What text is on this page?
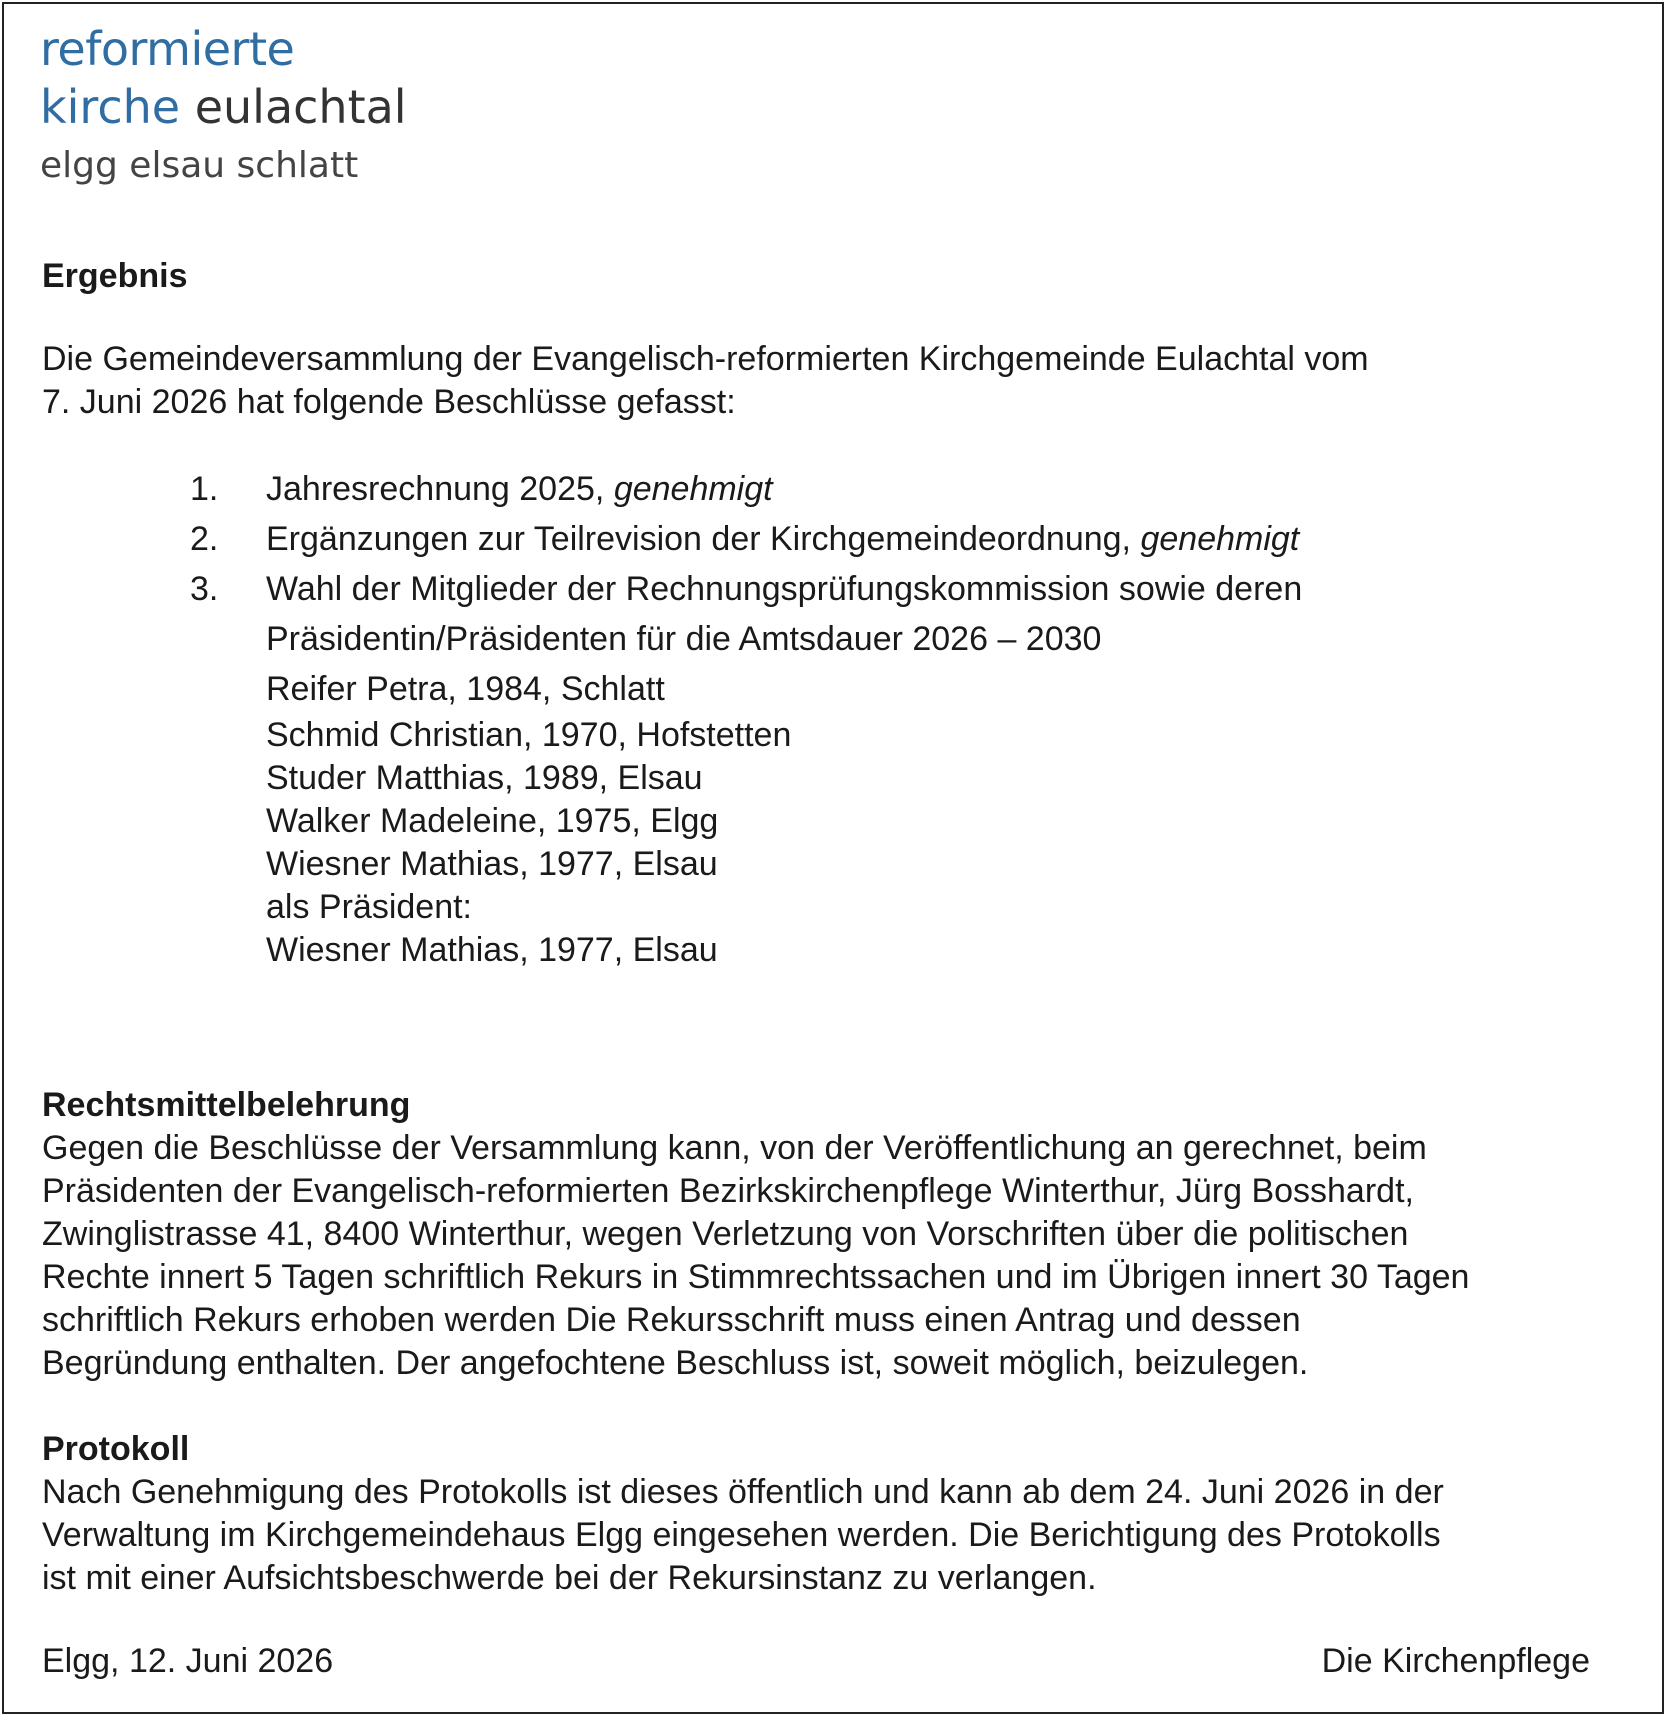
reformierte
kirche eulachtal
elgg elsau schlatt
Ergebnis

Die Gemeindeversammlung der Evangelisch-reformierten Kirchgemeinde Eulachtal vom

7. Juni 2026 hat folgende Beschlüsse gefasst:

1. Jahresrechnung 2025, genehmigt
2. Ergänzungen zur Teilrevision der Kirchgemeindeordnung, genehmigt
3. Wahl der Mitglieder der Rechnungsprüfungskommission sowie deren
Präsidentin/Präsidenten für die Amtsdauer 2026 – 2030
Reifer Petra, 1984, Schlatt
Schmid Christian, 1970, Hofstetten
Studer Matthias, 1989, Elsau
Walker Madeleine, 1975, Elgg
Wiesner Mathias, 1977, Elsau
als Präsident:
Wiesner Mathias, 1977, Elsau
Rechtsmittelbelehrung

Gegen die Beschlüsse der Versammlung kann, von der Veröffentlichung an gerechnet, beim

Präsidenten der Evangelisch-reformierten Bezirkskirchenpflege Winterthur, Jürg Bosshardt,

Zwinglistrasse 41, 8400 Winterthur, wegen Verletzung von Vorschriften über die politischen

Rechte innert 5 Tagen schriftlich Rekurs in Stimmrechtssachen und im Übrigen innert 30 Tagen

schriftlich Rekurs erhoben werden Die Rekursschrift muss einen Antrag und dessen

Begründung enthalten. Der angefochtene Beschluss ist, soweit möglich, beizulegen.

Protokoll

Nach Genehmigung des Protokolls ist dieses öffentlich und kann ab dem 24. Juni 2026 in der

Verwaltung im Kirchgemeindehaus Elgg eingesehen werden. Die Berichtigung des Protokolls

ist mit einer Aufsichtsbeschwerde bei der Rekursinstanz zu verlangen.

Elgg, 12. Juni 2026	Die Kirchenpflege
